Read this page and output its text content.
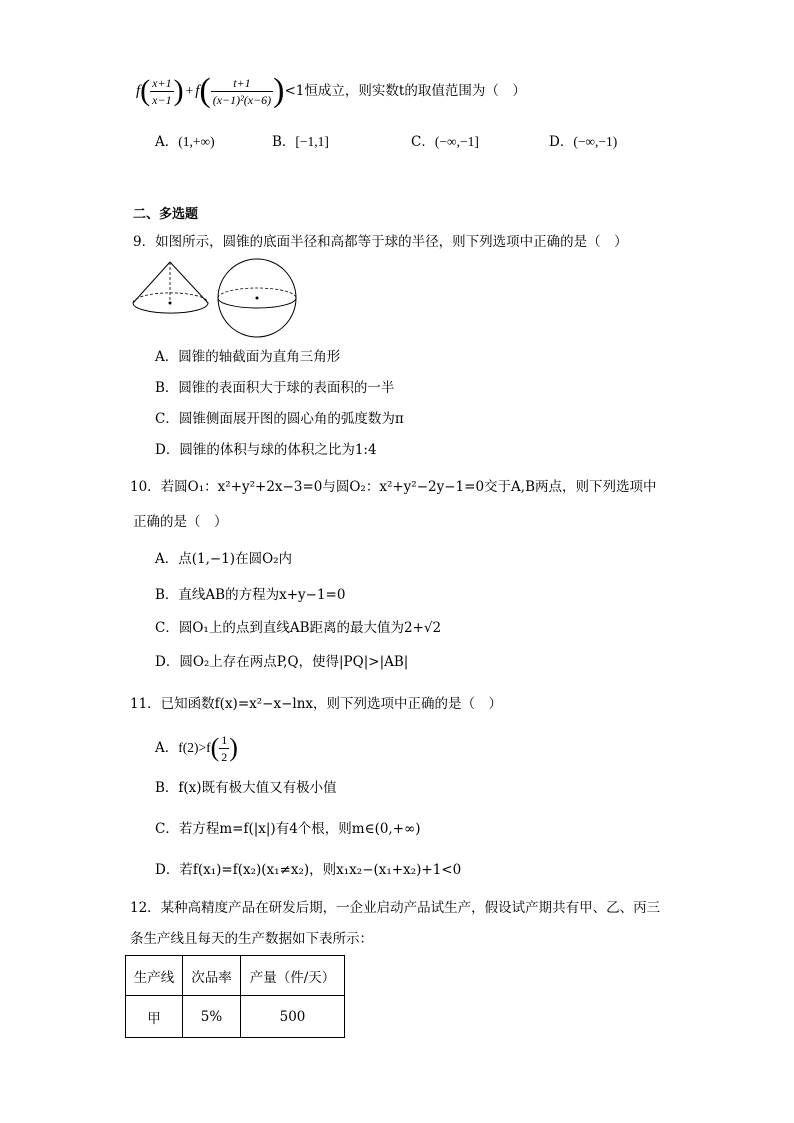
f ( $\frac{x+1}{x-1}$ ) + f ( $\frac{t+1}{\text{(x−1)²(x−6)}}$ ) <1恒成立，则实数t的取值范围为（　）
A．(1,+∞)	B．[−1,1]	C．(−∞,−1]	D．(−∞,−1)
二、多选题
9．如图所示，圆锥的底面半径和高都等于球的半径，则下列选项中正确的是（　）
A．圆锥的轴截面为直角三角形
B．圆锥的表面积大于球的表面积的一半
C．圆锥侧面展开图的圆心角的弧度数为π
D．圆锥的体积与球的体积之比为1:4
10．若圆O₁：x²+y²+2x−3=0与圆O₂：x²+y²−2y−1=0交于A,B两点，则下列选项中
正确的是（　）
A．点(1,−1)在圆O₂内
B．直线AB的方程为x+y−1=0
C．圆O₁上的点到直线AB距离的最大值为2+√2
D．圆O₂上存在两点P,Q，使得|PQ|>|AB|
11．已知函数f(x)=x²−x−lnx，则下列选项中正确的是（　）
A． f(2)>f ( $\frac{1}{2}$ )
B．f(x)既有极大值又有极小值
C．若方程m=f(|x|)有4个根，则m∈(0,+∞)
D．若f(x₁)=f(x₂)(x₁≠x₂)，则x₁x₂−(x₁+x₂)+1<0
12．某种高精度产品在研发后期，一企业启动产品试生产，假设试产期共有甲、乙、丙三
条生产线且每天的生产数据如下表所示：
生产线	次品率	产量（件/天）
甲	5%	500
